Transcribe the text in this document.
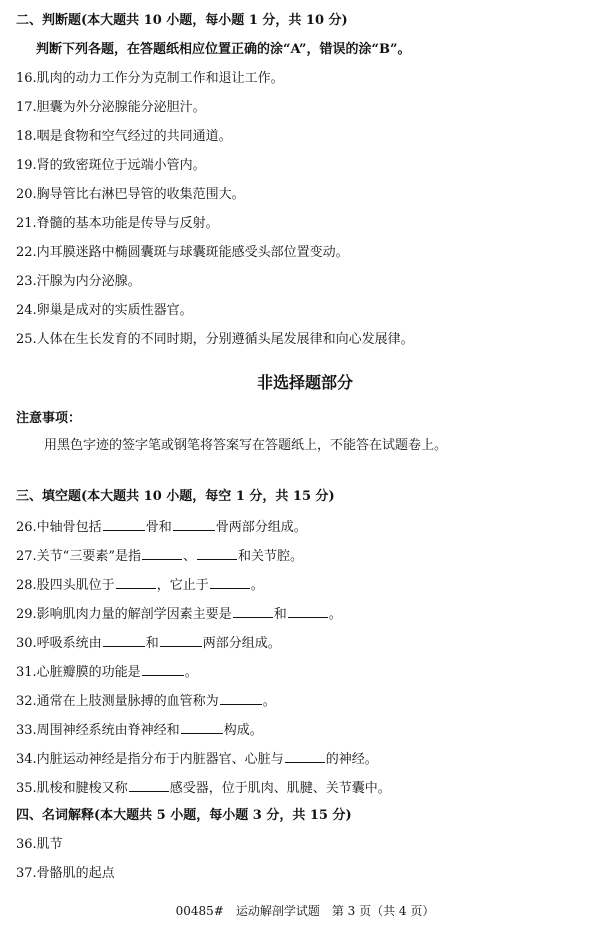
二、判断题(本大题共 10 小题，每小题 1 分，共 10 分)
判断下列各题，在答题纸相应位置正确的涂“A”，错误的涂“B”。
16.肌肉的动力工作分为克制工作和退让工作。
17.胆囊为外分泌腺能分泌胆汁。
18.咽是食物和空气经过的共同通道。
19.肾的致密斑位于远端小管内。
20.胸导管比右淋巴导管的收集范围大。
21.脊髓的基本功能是传导与反射。
22.内耳膜迷路中椭圆囊斑与球囊斑能感受头部位置变动。
23.汗腺为内分泌腺。
24.卵巢是成对的实质性器官。
25.人体在生长发育的不同时期，分别遵循头尾发展律和向心发展律。
非选择题部分
注意事项：
用黑色字迹的签字笔或钢笔将答案写在答题纸上，不能答在试题卷上。
三、填空题(本大题共 10 小题，每空 1 分，共 15 分)
26.中轴骨包括	骨和	骨两部分组成。
27.关节“三要素”是指	、	和关节腔。
28.股四头肌位于	，它止于	。
29.影响肌肉力量的解剖学因素主要是	和	。
30.呼吸系统由	和	两部分组成。
31.心脏瓣膜的功能是	。
32.通常在上肢测量脉搏的血管称为	。
33.周围神经系统由脊神经和	构成。
34.内脏运动神经是指分布于内脏器官、心脏与	的神经。
35.肌梭和腱梭又称	感受器，位于肌肉、肌腱、关节囊中。
四、名词解释(本大题共 5 小题，每小题 3 分，共 15 分)
36.肌节
37.骨骼肌的起点
00485#　运动解剖学试题　第 3 页（共 4 页）
